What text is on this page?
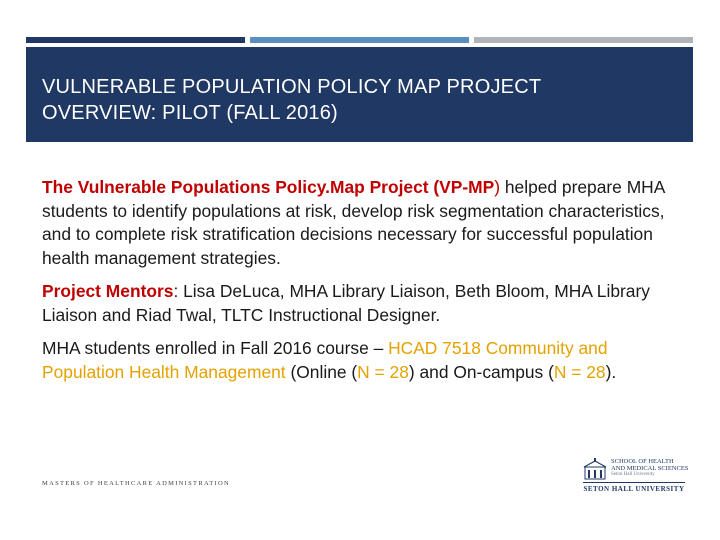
VULNERABLE POPULATION POLICY MAP PROJECT
OVERVIEW: PILOT (FALL 2016)

The Vulnerable Populations Policy.Map Project (VP-MP) helped prepare MHA students to identify populations at risk, develop risk segmentation characteristics, and to complete risk stratification decisions necessary for successful population health management strategies.

Project Mentors: Lisa DeLuca, MHA Library Liaison, Beth Bloom, MHA Library Liaison and Riad Twal, TLTC Instructional Designer.

MHA students enrolled in Fall 2016 course – HCAD 7518 Community and Population Health Management (Online (N = 28) and On-campus (N = 28).

MASTERS OF HEALTHCARE ADMINISTRATION
SCHOOL OF HEALTH
AND MEDICAL SCIENCES
Seton Hall University
SETON HALL UNIVERSITY
